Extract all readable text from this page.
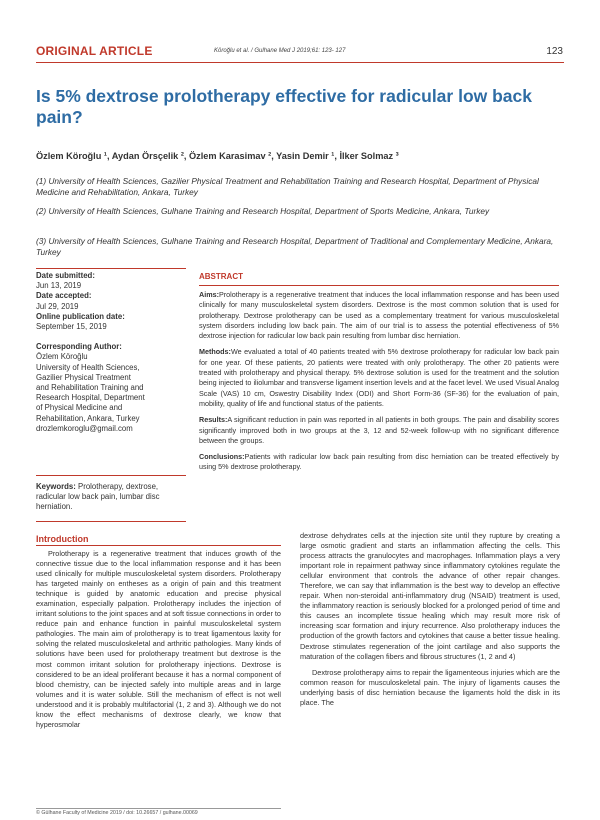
ORIGINAL ARTICLE	Köroğlu et al. / Gulhane Med J 2019;61: 123- 127	123
Is 5% dextrose prolotherapy effective for radicular low back pain?
Özlem Köroğlu ¹, Aydan Örsçelik ², Özlem Karasimav ², Yasin Demir ¹, İlker Solmaz ³
(1) University of Health Sciences, Gazilier Physical Treatment and Rehabilitation Training and Research Hospital, Department of Physical Medicine and Rehabilitation, Ankara, Turkey
(2) University of Health Sciences, Gulhane Training and Research Hospital, Department of Sports Medicine, Ankara, Turkey
(3) University of Health Sciences, Gulhane Training and Research Hospital, Department of Traditional and Complementary Medicine, Ankara, Turkey
Date submitted:
Jun 13, 2019
Date accepted:
Jul 29, 2019
Online publication date:
September 15, 2019
Corresponding Author:
Özlem Köroğlu
University of Health Sciences,
Gazilier Physical Treatment
and Rehabilitation Training and
Research Hospital, Department
of Physical Medicine and
Rehabilitation, Ankara, Turkey
drozlemkoroglu@gmail.com
Keywords: Prolotherapy, dextrose, radicular low back pain, lumbar disc herniation.
ABSTRACT

Aims:Prolotherapy is a regenerative treatment that induces the local inflammation response and has been used clinically for many musculoskeletal system disorders. Dextrose is the most common solution that is used for prolotherapy. Dextrose prolotherapy can be used as a complementary treatment for various musculoskeletal system disorders including low back pain. The aim of our trial is to assess the potential effectiveness of 5% dextrose injection for radicular low back pain resulting from lumbar disc herniation.

Methods:We evaluated a total of 40 patients treated with 5% dextrose prolotherapy for radicular low back pain for one year. Of these patients, 20 patients were treated with only prolotherapy. The other 20 patients were treated with prolotherapy and physical therapy. 5% dextrose solution is used for the treatment and the solution being injected to iliolumbar and transverse ligament insertion levels and at the facet level. We used Visual Analog Scale (VAS) 10 cm, Oswestry Disability Index (ODI) and Short Form-36 (SF-36) for the evaluation of pain, mobility, quality of life and functional status of the patients.

Results:A significant reduction in pain was reported in all patients in both groups. The pain and disability scores significantly improved both in two groups at the 3, 12 and 52-week follow-up with no significant difference between the groups.

Conclusions:Patients with radicular low back pain resulting from disc herniation can be treated effectively by using 5% dextrose prolotherapy.

Introduction

Prolotherapy is a regenerative treatment that induces growth of the connective tissue due to the local inflammation response and it has been used clinically for multiple musculoskeletal system disorders. Prolotherapy has targeted mainly on entheses as a origin of pain and this treatment technique is guided by anatomic education and precise physical examination, especially palpation. Prolotherapy includes the injection of irritant solutions to the joint spaces and at soft tissue connections in order to reduce pain and enhance function in painful musculoskeletal system pathologies. The main aim of prolotherapy is to treat ligamentous laxity for solving the related musculoskeletal and arthritic pathologies. Many kinds of solutions have been used for prolotherapy treatment but dextrose is the most common irritant solution for prolotherapy injections. Dextrose is considered to be an ideal proliferant because it has a normal component of blood chemistry, can be injected safely into multiple areas and in large volumes and it is water soluble. Still the mechanism of effect is not well understood and it is probably multifactorial (1, 2 and 3). Although we do not know the effect mechanisms of dextrose clearly, we know that hyperosmolar

dextrose dehydrates cells at the injection site until they rupture by creating a large osmotic gradient and starts an inflammation affecting the cells. This process attracts the granulocytes and macrophages. Inflammation plays a very important role in repairment pathway since inflammatory cytokines regulate the cellular environment that controls the advance of other repair changes. Therefore, we can say that inflammation is the best way to develop an effective repair. When non-steroidal anti-inflammatory drug (NSAID) treatment is used, the inflammatory reaction is seriously blocked for a prolonged period of time and this causes an incomplete tissue healing which may result more risk of increasing scar formation and injury recurrence. Also prolotherapy induces the production of the growth factors and cytokines that cause a better tissue healing. Dextrose stimulates regeneration of the joint cartilage and also supports the maturation of the collagen fibers and fibrous structures (1, 2 and 4)

Dextrose prolotherapy aims to repair the ligamenteous injuries which are the common reason for musculoskeletal pain. The injury of ligaments causes the underlying basis of disc herniation because the ligaments hold the disk in its place. The

© Gülhane Faculty of Medicine 2019 / doi: 10.26657 / gulhane.00069
